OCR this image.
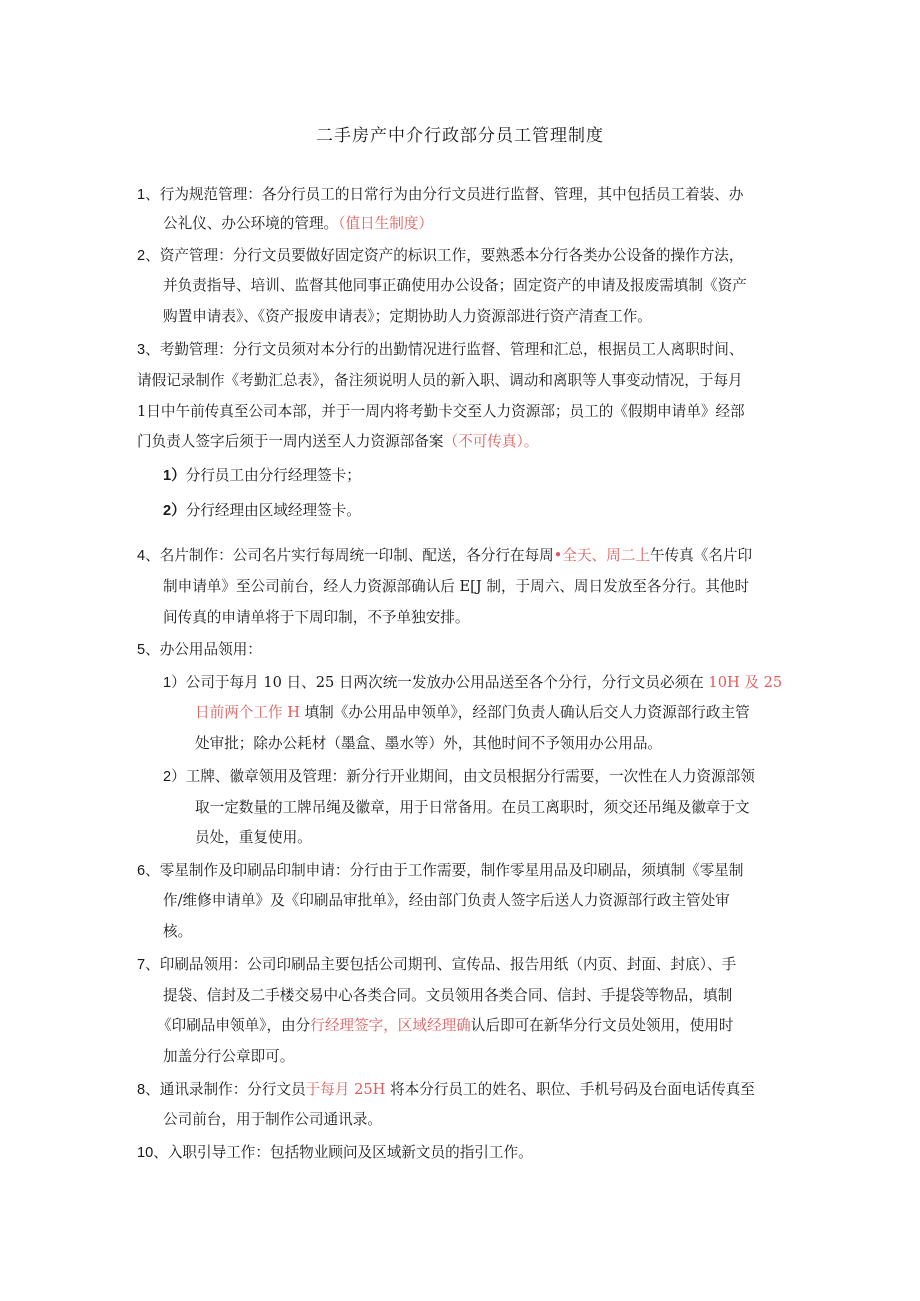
二手房产中介行政部分员工管理制度
1、行为规范管理：各分行员工的日常行为由分行文员进行监督、管理，其中包括员工着装、办
公礼仪、办公环境的管理。（值日生制度）
2、资产管理：分行文员要做好固定资产的标识工作，要熟悉本分行各类办公设备的操作方法，
并负责指导、培训、监督其他同事正确使用办公设备；固定资产的申请及报废需填制《资产
购置申请表》、《资产报废申请表》；定期协助人力资源部进行资产清查工作。
3、考勤管理：分行文员须对本分行的出勤情况进行监督、管理和汇总，根据员工人离职时间、
请假记录制作《考勤汇总表》，备注须说明人员的新入职、调动和离职等人事变动情况，于每月
1日中午前传真至公司本部，并于一周内将考勤卡交至人力资源部；员工的《假期申请单》经部
门负责人签字后须于一周内送至人力资源部备案（不可传真）。
1）分行员工由分行经理签卡；
2）分行经理由区域经理签卡。
4、名片制作：公司名片实行每周统一印制、配送，各分行在每周•全天、周二上午传真《名片印
制申请单》至公司前台，经人力资源部确认后 E[J 制，于周六、周日发放至各分行。其他时
间传真的申请单将于下周印制，不予单独安排。
5、办公用品领用：
1）公司于每月 10 日、25 日两次统一发放办公用品送至各个分行，分行文员必须在 10H 及 25
日前两个工作 H 填制《办公用品申领单》，经部门负责人确认后交人力资源部行政主管
处审批；除办公耗材（墨盒、墨水等）外，其他时间不予领用办公用品。
2）工牌、徽章领用及管理：新分行开业期间，由文员根据分行需要，一次性在人力资源部领
取一定数量的工牌吊绳及徽章，用于日常备用。在员工离职时，须交还吊绳及徽章于文
员处，重复使用。
6、零星制作及印刷品印制申请：分行由于工作需要，制作零星用品及印刷品，须填制《零星制
作/维修申请单》及《印刷品审批单》，经由部门负责人签字后送人力资源部行政主管处审
核。
7、印刷品领用：公司印刷品主要包括公司期刊、宣传品、报告用纸（内页、封面、封底）、手
提袋、信封及二手楼交易中心各类合同。文员领用各类合同、信封、手提袋等物品，填制
《印刷品申领单》，由分行经理签字，区域经理确认后即可在新华分行文员处领用，使用时
加盖分行公章即可。
8、通讯录制作：分行文员于每月 25H 将本分行员工的姓名、职位、手机号码及台面电话传真至
公司前台，用于制作公司通讯录。
10、入职引导工作：包括物业顾问及区域新文员的指引工作。
